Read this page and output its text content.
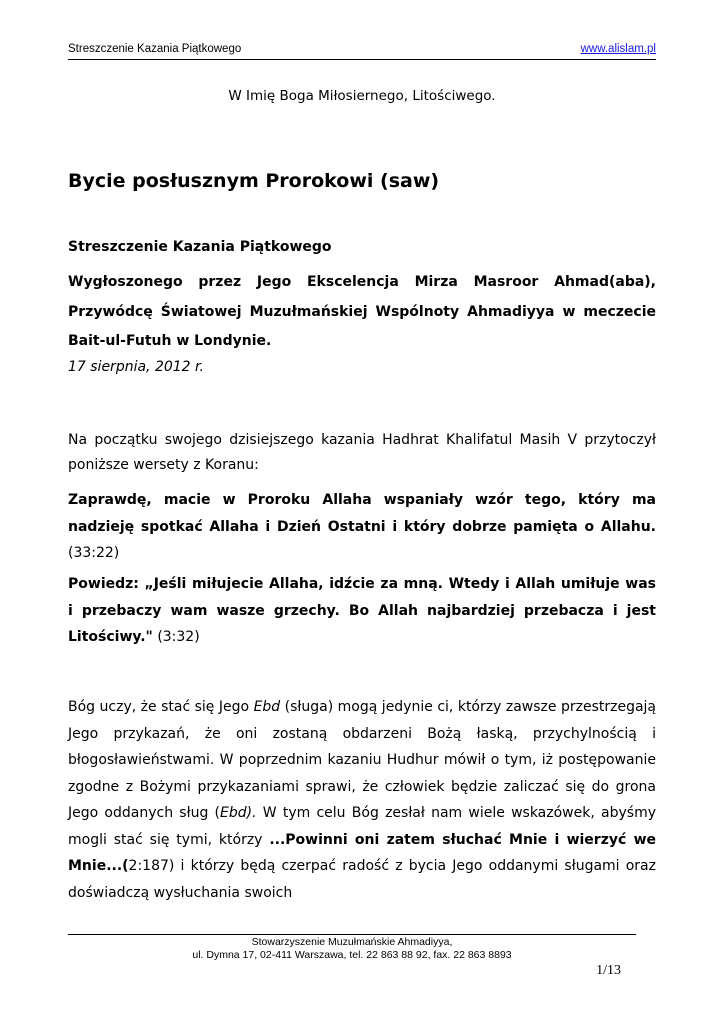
Streszczenie Kazania Piątkowego	www.alislam.pl
W Imię Boga Miłosiernego, Litościwego.
Bycie posłusznym Prorokowi (saw)

Streszczenie Kazania Piątkowego

Wygłoszonego przez Jego Ekscelencja Mirza Masroor Ahmad(aba), Przywódcę Światowej Muzułmańskiej Wspólnoty Ahmadiyya w meczecie Bait-ul-Futuh w Londynie.

17 sierpnia, 2012 r.

Na początku swojego dzisiejszego kazania Hadhrat Khalifatul Masih V przytoczył poniższe wersety z Koranu:

Zaprawdę, macie w Proroku Allaha wspaniały wzór tego, który ma nadzieję spotkać Allaha i Dzień Ostatni i który dobrze pamięta o Allahu. (33:22)

Powiedz: „Jeśli miłujecie Allaha, idźcie za mną. Wtedy i Allah umiłuje was i przebaczy wam wasze grzechy. Bo Allah najbardziej przebacza i jest Litościwy." (3:32)

Bóg uczy, że stać się Jego Ebd (sługa) mogą jedynie ci, którzy zawsze przestrzegają Jego przykazań, że oni zostaną obdarzeni Bożą łaską, przychylnością i błogosławieństwami. W poprzednim kazaniu Hudhur mówił o tym, iż postępowanie zgodne z Bożymi przykazaniami sprawi, że człowiek będzie zaliczać się do grona Jego oddanych sług (Ebd). W tym celu Bóg zesłał nam wiele wskazówek, abyśmy mogli stać się tymi, którzy ...Powinni oni zatem słuchać Mnie i wierzyć we Mnie...(2:187) i którzy będą czerpać radość z bycia Jego oddanymi sługami oraz doświadczą wysłuchania swoich

Stowarzyszenie Muzułmańskie Ahmadiyya,
ul. Dymna 17, 02-411 Warszawa, tel. 22 863 88 92, fax. 22 863 8893
1/13
